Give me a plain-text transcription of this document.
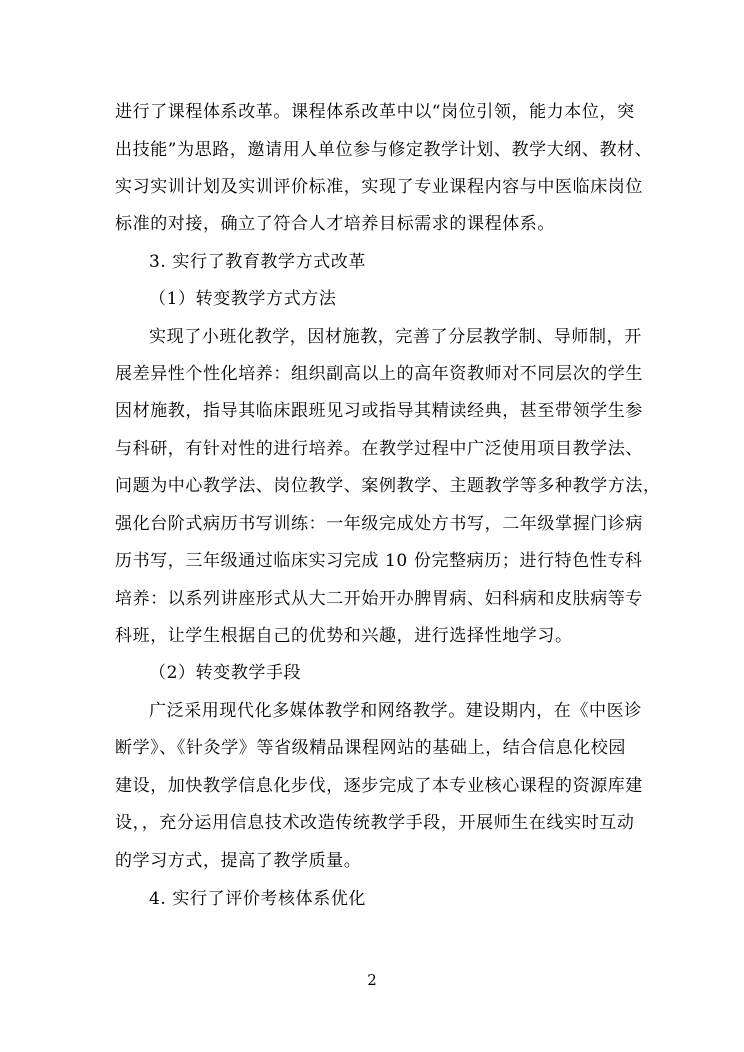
进行了课程体系改革。课程体系改革中以“岗位引领，能力本位，突
出技能”为思路，邀请用人单位参与修定教学计划、教学大纲、教材、
实习实训计划及实训评价标准，实现了专业课程内容与中医临床岗位
标准的对接，确立了符合人才培养目标需求的课程体系。
3. 实行了教育教学方式改革
（1）转变教学方式方法
实现了小班化教学，因材施教，完善了分层教学制、导师制，开
展差异性个性化培养：组织副高以上的高年资教师对不同层次的学生
因材施教，指导其临床跟班见习或指导其精读经典，甚至带领学生参
与科研，有针对性的进行培养。在教学过程中广泛使用项目教学法、
问题为中心教学法、岗位教学、案例教学、主题教学等多种教学方法，
强化台阶式病历书写训练：一年级完成处方书写，二年级掌握门诊病
历书写，三年级通过临床实习完成 10 份完整病历；进行特色性专科
培养：以系列讲座形式从大二开始开办脾胃病、妇科病和皮肤病等专
科班，让学生根据自己的优势和兴趣，进行选择性地学习。
（2）转变教学手段
广泛采用现代化多媒体教学和网络教学。建设期内，在《中医诊
断学》、《针灸学》等省级精品课程网站的基础上，结合信息化校园
建设，加快教学信息化步伐，逐步完成了本专业核心课程的资源库建
设，，充分运用信息技术改造传统教学手段，开展师生在线实时互动
的学习方式，提高了教学质量。
4. 实行了评价考核体系优化
2
